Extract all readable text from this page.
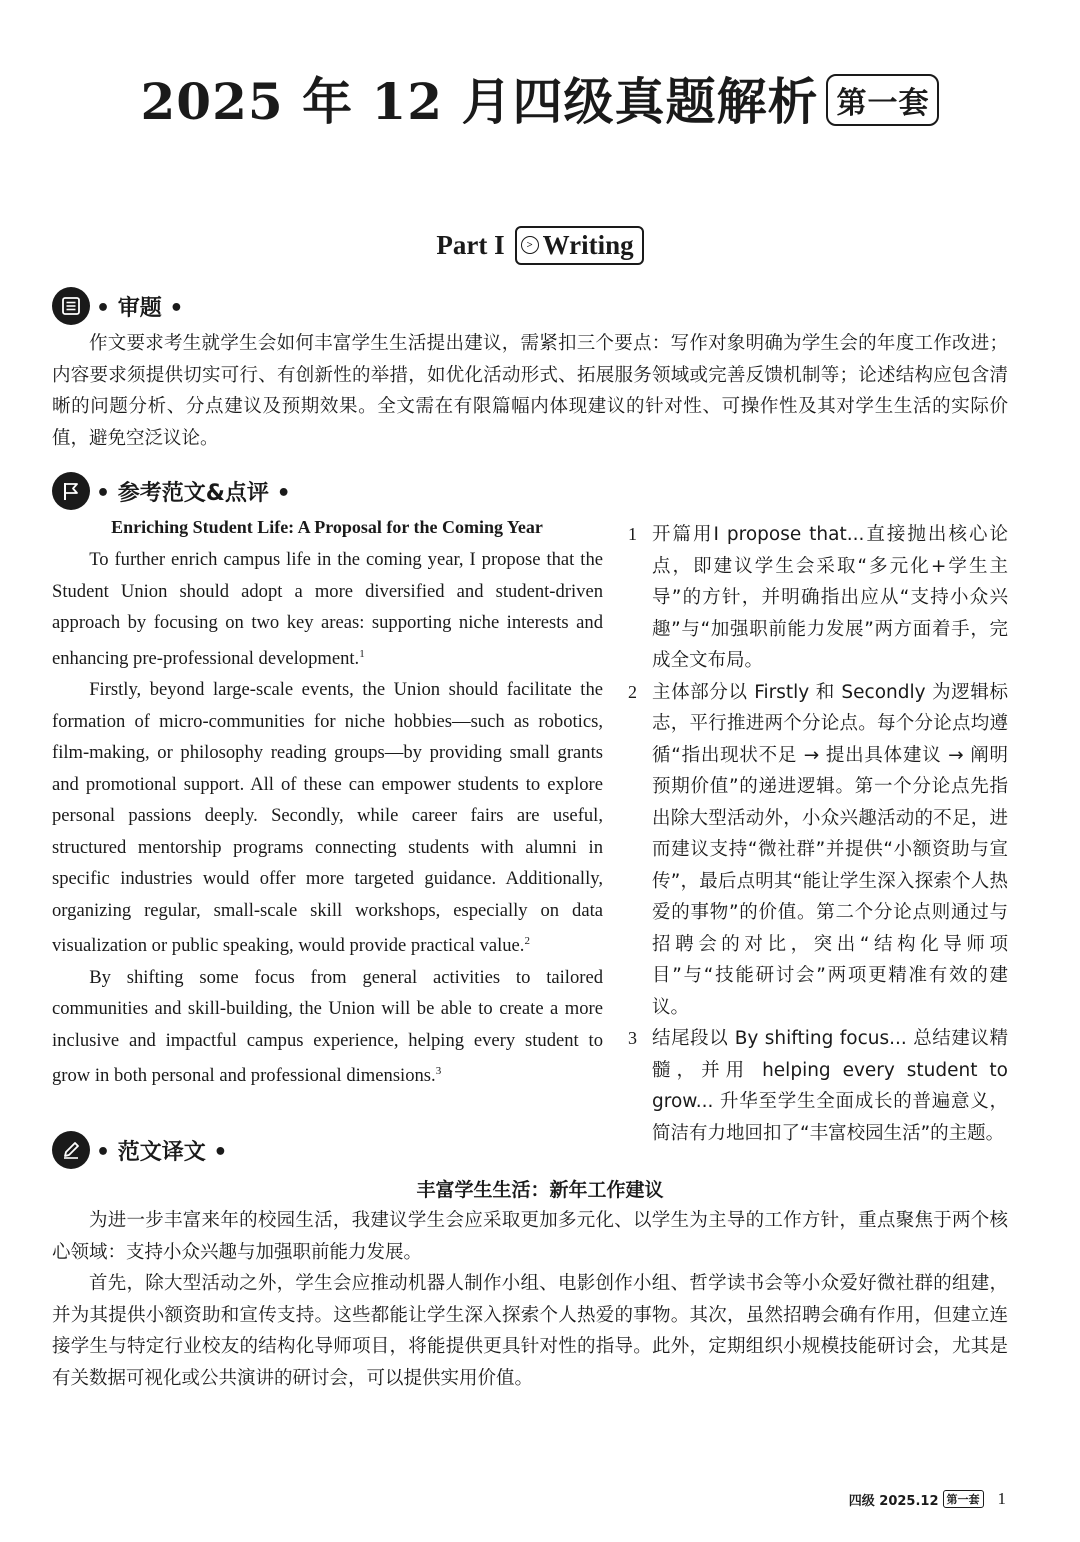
2025 年 12 月四级真题解析 第一套
Part I > Writing
• 审题 •
作文要求考生就学生会如何丰富学生生活提出建议，需紧扣三个要点：写作对象明确为学生会的年度工作改进；内容要求须提供切实可行、有创新性的举措，如优化活动形式、拓展服务领域或完善反馈机制等；论述结构应包含清晰的问题分析、分点建议及预期效果。全文需在有限篇幅内体现建议的针对性、可操作性及其对学生生活的实际价值，避免空泛议论。
• 参考范文&点评 •
Enriching Student Life: A Proposal for the Coming Year

To further enrich campus life in the coming year, I propose that the Student Union should adopt a more diversified and student-driven approach by focusing on two key areas: supporting niche interests and enhancing pre-professional development.$^1$

Firstly, beyond large-scale events, the Union should facilitate the formation of micro-communities for niche hobbies—such as robotics, film-making, or philosophy reading groups—by providing small grants and promotional support. All of these can empower students to explore personal passions deeply. Secondly, while career fairs are useful, structured mentorship programs connecting students with alumni in specific industries would offer more targeted guidance. Additionally, organizing regular, small-scale skill workshops, especially on data visualization or public speaking, would provide practical value.$^2$

By shifting some focus from general activities to tailored communities and skill-building, the Union will be able to create a more inclusive and impactful campus experience, helping every student to grow in both personal and professional dimensions.$^3$

1 开篇用I propose that...直接抛出核心论点，即建议学生会采取“多元化+学生主导”的方针，并明确指出应从“支持小众兴趣”与“加强职前能力发展”两方面着手，完成全文布局。
2 主体部分以 Firstly 和 Secondly 为逻辑标志，平行推进两个分论点。每个分论点均遵循“指出现状不足 → 提出具体建议 → 阐明预期价值”的递进逻辑。第一个分论点先指出除大型活动外，小众兴趣活动的不足，进而建议支持“微社群”并提供“小额资助与宣传”，最后点明其“能让学生深入探索个人热爱的事物”的价值。第二个分论点则通过与招聘会的对比，突出“结构化导师项目”与“技能研讨会”两项更精准有效的建议。
3 结尾段以 By shifting focus... 总结建议精髓，并用 helping every student to grow... 升华至学生全面成长的普遍意义，简洁有力地回扣了“丰富校园生活”的主题。
• 范文译文 •
丰富学生生活：新年工作建议

为进一步丰富来年的校园生活，我建议学生会应采取更加多元化、以学生为主导的工作方针，重点聚焦于两个核心领域：支持小众兴趣与加强职前能力发展。

首先，除大型活动之外，学生会应推动机器人制作小组、电影创作小组、哲学读书会等小众爱好微社群的组建，并为其提供小额资助和宣传支持。这些都能让学生深入探索个人热爱的事物。其次，虽然招聘会确有作用，但建立连接学生与特定行业校友的结构化导师项目，将能提供更具针对性的指导。此外，定期组织小规模技能研讨会，尤其是有关数据可视化或公共演讲的研讨会，可以提供实用价值。

四级 2025.12 第一套 1
